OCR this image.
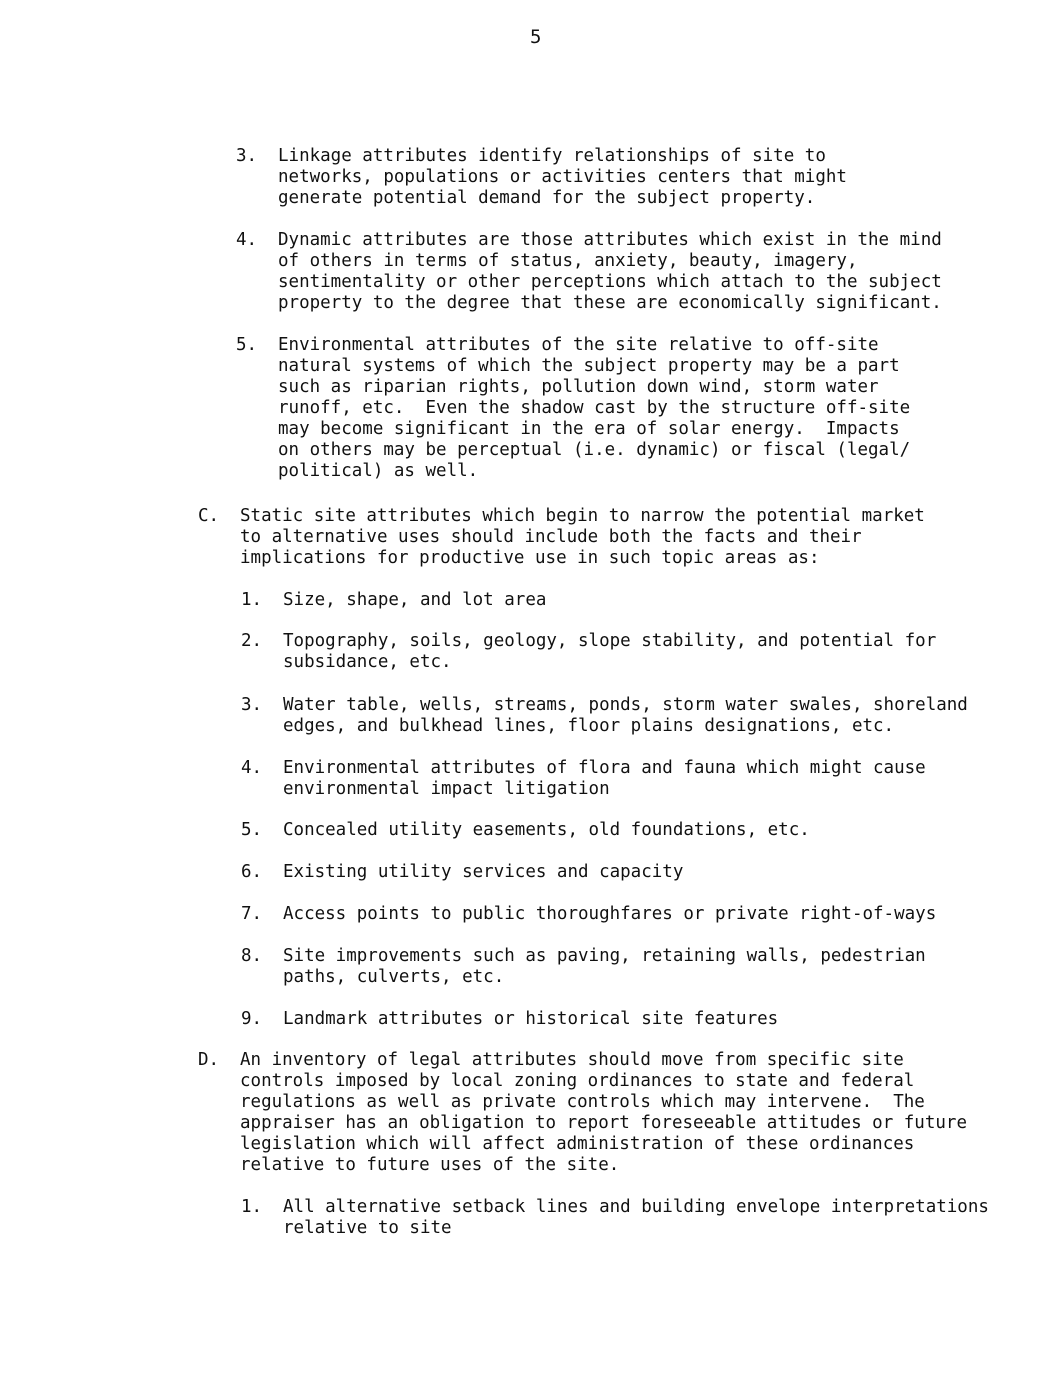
5
3. Linkage attributes identify relationships of site to
networks, populations or activities centers that might
generate potential demand for the subject property.
4. Dynamic attributes are those attributes which exist in the mind
of others in terms of status, anxiety, beauty, imagery,
sentimentality or other perceptions which attach to the subject
property to the degree that these are economically significant.
5. Environmental attributes of the site relative to off-site
natural systems of which the subject property may be a part
such as riparian rights, pollution down wind, storm water
runoff, etc.  Even the shadow cast by the structure off-site
may become significant in the era of solar energy.  Impacts
on others may be perceptual (i.e. dynamic) or fiscal (legal/
political) as well.
C. Static site attributes which begin to narrow the potential market
to alternative uses should include both the facts and their
implications for productive use in such topic areas as:
1. Size, shape, and lot area
2. Topography, soils, geology, slope stability, and potential for
subsidance, etc.
3. Water table, wells, streams, ponds, storm water swales, shoreland
edges, and bulkhead lines, floor plains designations, etc.
4. Environmental attributes of flora and fauna which might cause
environmental impact litigation
5. Concealed utility easements, old foundations, etc.
6. Existing utility services and capacity
7. Access points to public thoroughfares or private right-of-ways
8. Site improvements such as paving, retaining walls, pedestrian
paths, culverts, etc.
9. Landmark attributes or historical site features
D. An inventory of legal attributes should move from specific site
controls imposed by local zoning ordinances to state and federal
regulations as well as private controls which may intervene.  The
appraiser has an obligation to report foreseeable attitudes or future
legislation which will affect administration of these ordinances
relative to future uses of the site.
1. All alternative setback lines and building envelope interpretations
relative to site
